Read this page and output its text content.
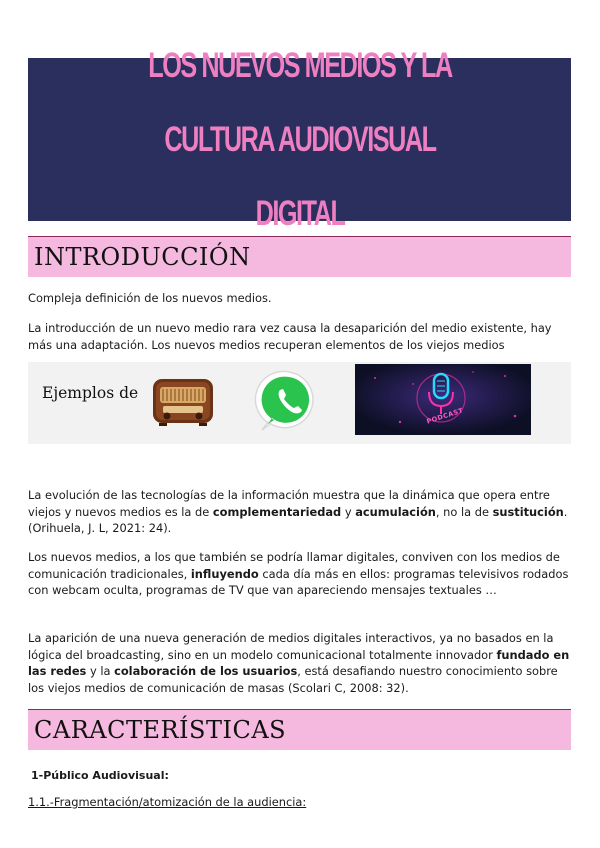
LOS NUEVOS MEDIOS Y LA CULTURA AUDIOVISUAL DIGITAL
INTRODUCCIÓN
Compleja definición de los nuevos medios.
La introducción de un nuevo medio rara vez causa la desaparición del medio existente, hay más una adaptación. Los nuevos medios recuperan elementos de los viejos medios
Ejemplos de
PODCAST
La evolución de las tecnologías de la información muestra que la dinámica que opera entre viejos y nuevos medios es la de complementariedad y acumulación, no la de sustitución. (Orihuela, J. L, 2021: 24).
Los nuevos medios, a los que también se podría llamar digitales, conviven con los medios de comunicación tradicionales, influyendo cada día más en ellos: programas televisivos rodados con webcam oculta, programas de TV que van apareciendo mensajes textuales …
La aparición de una nueva generación de medios digitales interactivos, ya no basados en la lógica del broadcasting, sino en un modelo comunicacional totalmente innovador fundado en las redes y la colaboración de los usuarios, está desafiando nuestro conocimiento sobre los viejos medios de comunicación de masas (Scolari C, 2008: 32).
CARACTERÍSTICAS
1-Público Audiovisual:
1.1.-Fragmentación/atomización de la audiencia:
